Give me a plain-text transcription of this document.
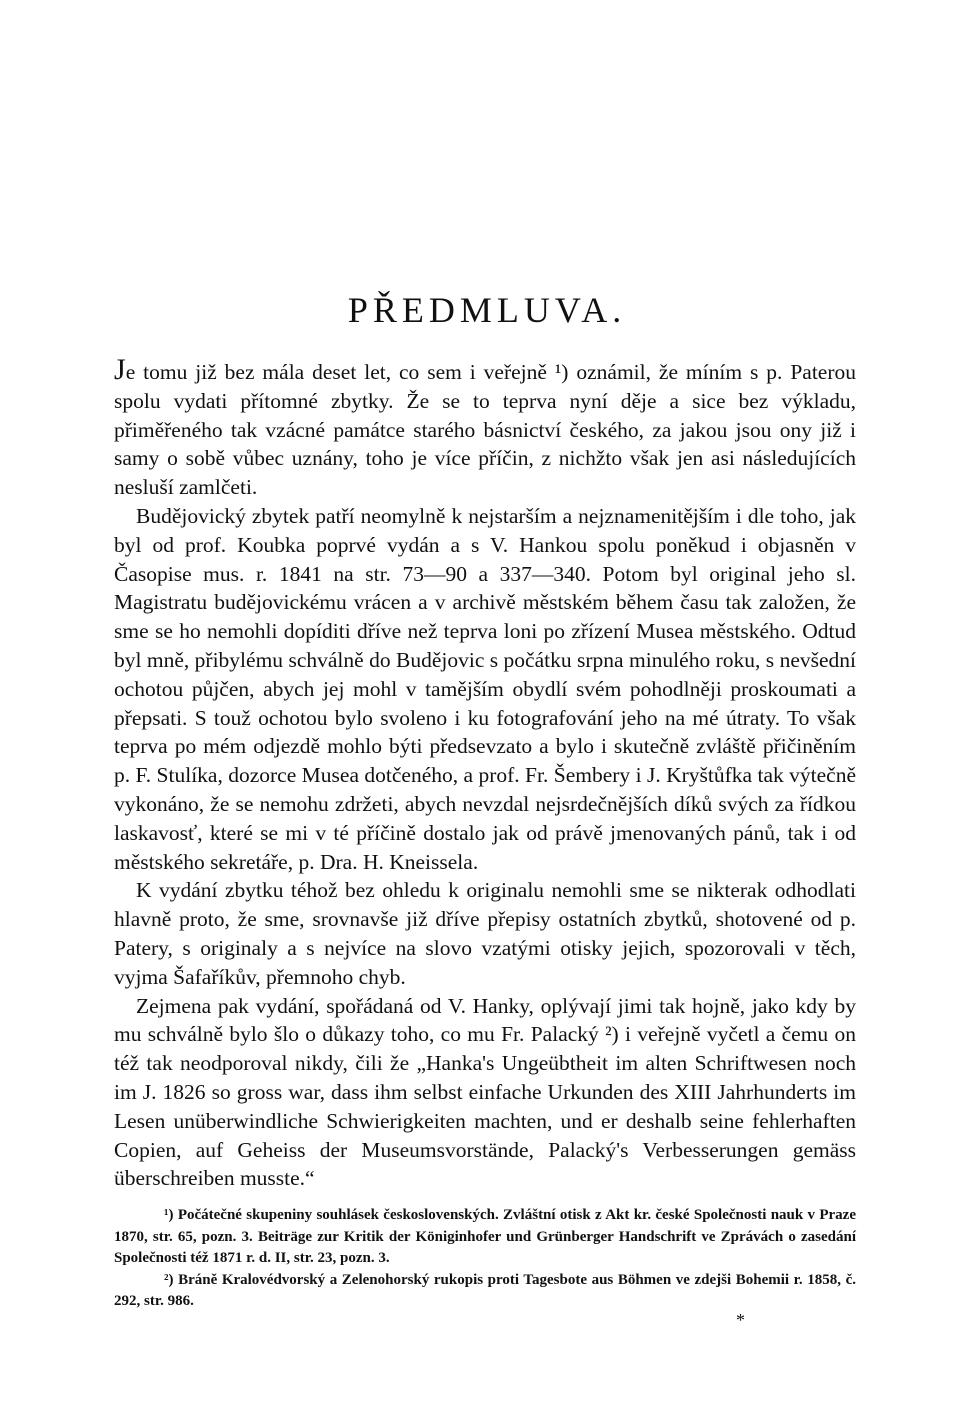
PŘEDMLUVA.

Je tomu již bez mála deset let, co sem i veřejně ¹) oznámil, že míním s p. Paterou spolu vydati přítomné zbytky. Že se to teprva nyní děje a sice bez výkladu, přiměřeného tak vzácné památce starého básnictví českého, za jakou jsou ony již i samy o sobě vůbec uznány, toho je více příčin, z nichžto však jen asi následujících nesluší zamlčeti.

Budějovický zbytek patří neomylně k nejstarším a nejznamenitějším i dle toho, jak byl od prof. Koubka poprvé vydán a s V. Hankou spolu poněkud i objasněn v Časopise mus. r. 1841 na str. 73—90 a 337—340. Potom byl original jeho sl. Magistratu budějovickému vrácen a v archivě městském během času tak založen, že sme se ho nemohli dopíditi dříve než teprva loni po zřízení Musea městského. Odtud byl mně, přibylému schválně do Budějovic s počátku srpna minulého roku, s nevšední ochotou půjčen, abych jej mohl v tamějším obydlí svém pohodlněji proskoumati a přepsati. S touž ochotou bylo svoleno i ku fotografování jeho na mé útraty. To však teprva po mém odjezdě mohlo býti předsevzato a bylo i skutečně zvláště přičiněním p. F. Stulíka, dozorce Musea dotčeného, a prof. Fr. Šembery i J. Kryštůfka tak výtečně vykonáno, že se nemohu zdržeti, abych nevzdal nejsrdečnějších díků svých za řídkou laskavosť, které se mi v té příčině dostalo jak od právě jmenovaných pánů, tak i od městského sekretáře, p. Dra. H. Kneissela.

K vydání zbytku téhož bez ohledu k originalu nemohli sme se nikterak odhodlati hlavně proto, že sme, srovnavše již dříve přepisy ostatních zbytků, shotovené od p. Patery, s originaly a s nejvíce na slovo vzatými otisky jejich, spozorovali v těch, vyjma Šafaříkův, přemnoho chyb.

Zejmena pak vydání, spořádaná od V. Hanky, oplývají jimi tak hojně, jako kdy by mu schválně bylo šlo o důkazy toho, co mu Fr. Palacký ²) i veřejně vyčetl a čemu on též tak neodporoval nikdy, čili že „Hanka's Ungeübtheit im alten Schriftwesen noch im J. 1826 so gross war, dass ihm selbst einfache Urkunden des XIII Jahrhunderts im Lesen unüberwindliche Schwierigkeiten machten, und er deshalb seine fehlerhaften Copien, auf Geheiss der Museumsvorstände, Palacký's Verbesserungen gemäss überschreiben musste.“

¹) Počátečné skupeniny souhlásek československých. Zvláštní otisk z Akt kr. české Společnosti nauk v Praze 1870, str. 65, pozn. 3. Beiträge zur Kritik der Königinhofer und Grünberger Handschrift ve Zprávách o zasedání Společnosti též 1871 r. d. II, str. 23, pozn. 3.

²) Bráně Kralovédvorský a Zelenohorský rukopis proti Tagesbote aus Böhmen ve zdejši Bohemii r. 1858, č. 292, str. 986.

*
